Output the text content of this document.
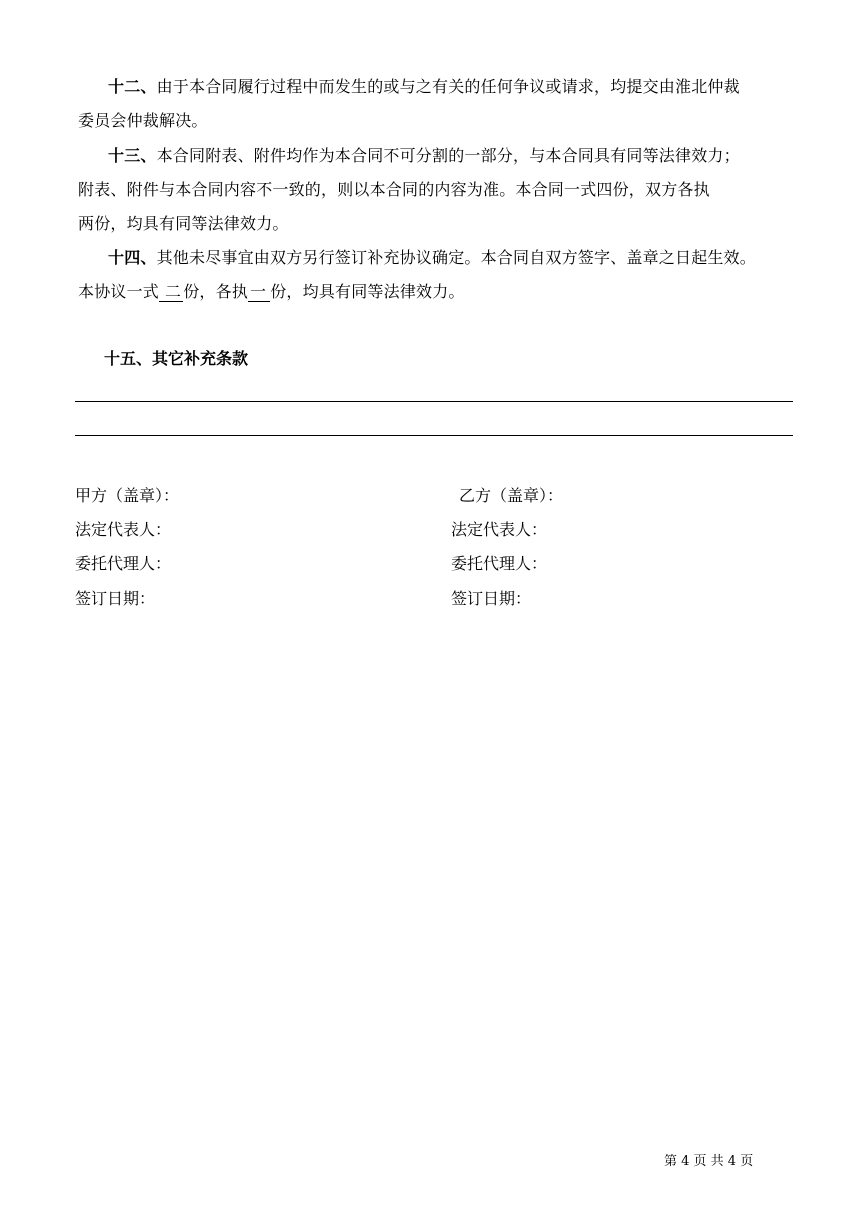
十二、由于本合同履行过程中而发生的或与之有关的任何争议或请求，均提交由淮北仲裁
委员会仲裁解决。
十三、本合同附表、附件均作为本合同不可分割的一部分，与本合同具有同等法律效力；
附表、附件与本合同内容不一致的，则以本合同的内容为准。本合同一式四份，双方各执
两份，均具有同等法律效力。
十四、其他未尽事宜由双方另行签订补充协议确定。本合同自双方签字、盖章之日起生效。
本协议一式 二 份，各执 一 份，均具有同等法律效力。
十五、其它补充条款
甲方（盖章）：
法定代表人：
委托代理人：
签订日期：
乙方（盖章）：
法定代表人：
委托代理人：
签订日期：
第 4 页 共 4 页
